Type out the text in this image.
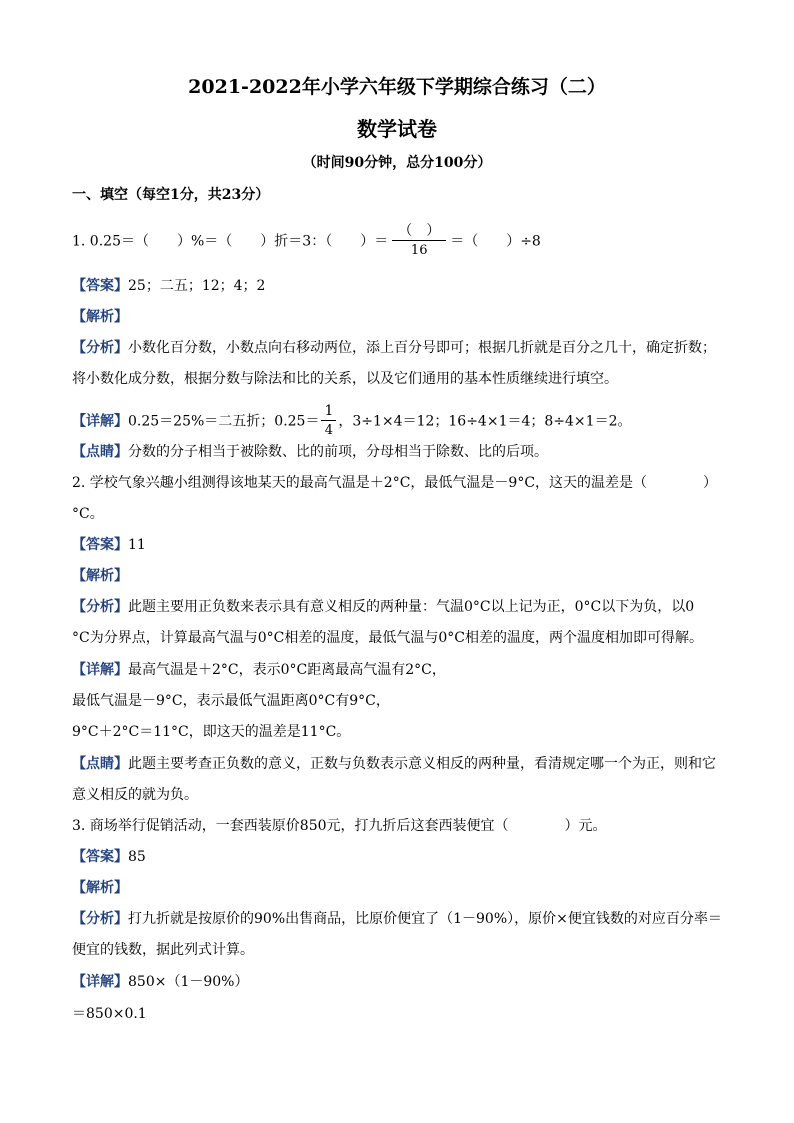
2021-2022年小学六年级下学期综合练习（二）
数学试卷
（时间90分钟，总分100分）
一、填空（每空1分，共23分）
1. 0.25＝（　　）%＝（　　）折＝3：（　　）＝ $\frac{( )}{16}$ ＝（　　）÷8
【答案】25；二五；12；4；2
【解析】
【分析】小数化百分数，小数点向右移动两位，添上百分号即可；根据几折就是百分之几十，确定折数；
将小数化成分数，根据分数与除法和比的关系，以及它们通用的基本性质继续进行填空。
【详解】0.25＝25%＝二五折；$0.25= \frac{1}{4}$ ，3÷1×4＝12；16÷4×1＝4；8÷4×1＝2。
【点睛】分数的分子相当于被除数、比的前项，分母相当于除数、比的后项。
2. 学校气象兴趣小组测得该地某天的最高气温是＋2°C，最低气温是－9°C，这天的温差是（　　　　）
°C。
【答案】11
【解析】
【分析】此题主要用正负数来表示具有意义相反的两种量：气温0°C以上记为正，0°C以下为负，以0
°C为分界点，计算最高气温与0°C相差的温度，最低气温与0°C相差的温度，两个温度相加即可得解。
【详解】最高气温是＋2°C，表示0°C距离最高气温有2°C，
最低气温是－9°C，表示最低气温距离0°C有9°C，
9°C＋2°C＝11°C，即这天的温差是11°C。
【点睛】此题主要考查正负数的意义，正数与负数表示意义相反的两种量，看清规定哪一个为正，则和它
意义相反的就为负。
3. 商场举行促销活动，一套西装原价850元，打九折后这套西装便宜（　　　　）元。
【答案】85
【解析】
【分析】打九折就是按原价的90%出售商品，比原价便宜了（1－90%），原价×便宜钱数的对应百分率＝
便宜的钱数，据此列式计算。
【详解】850×（1－90%）
＝850×0.1
